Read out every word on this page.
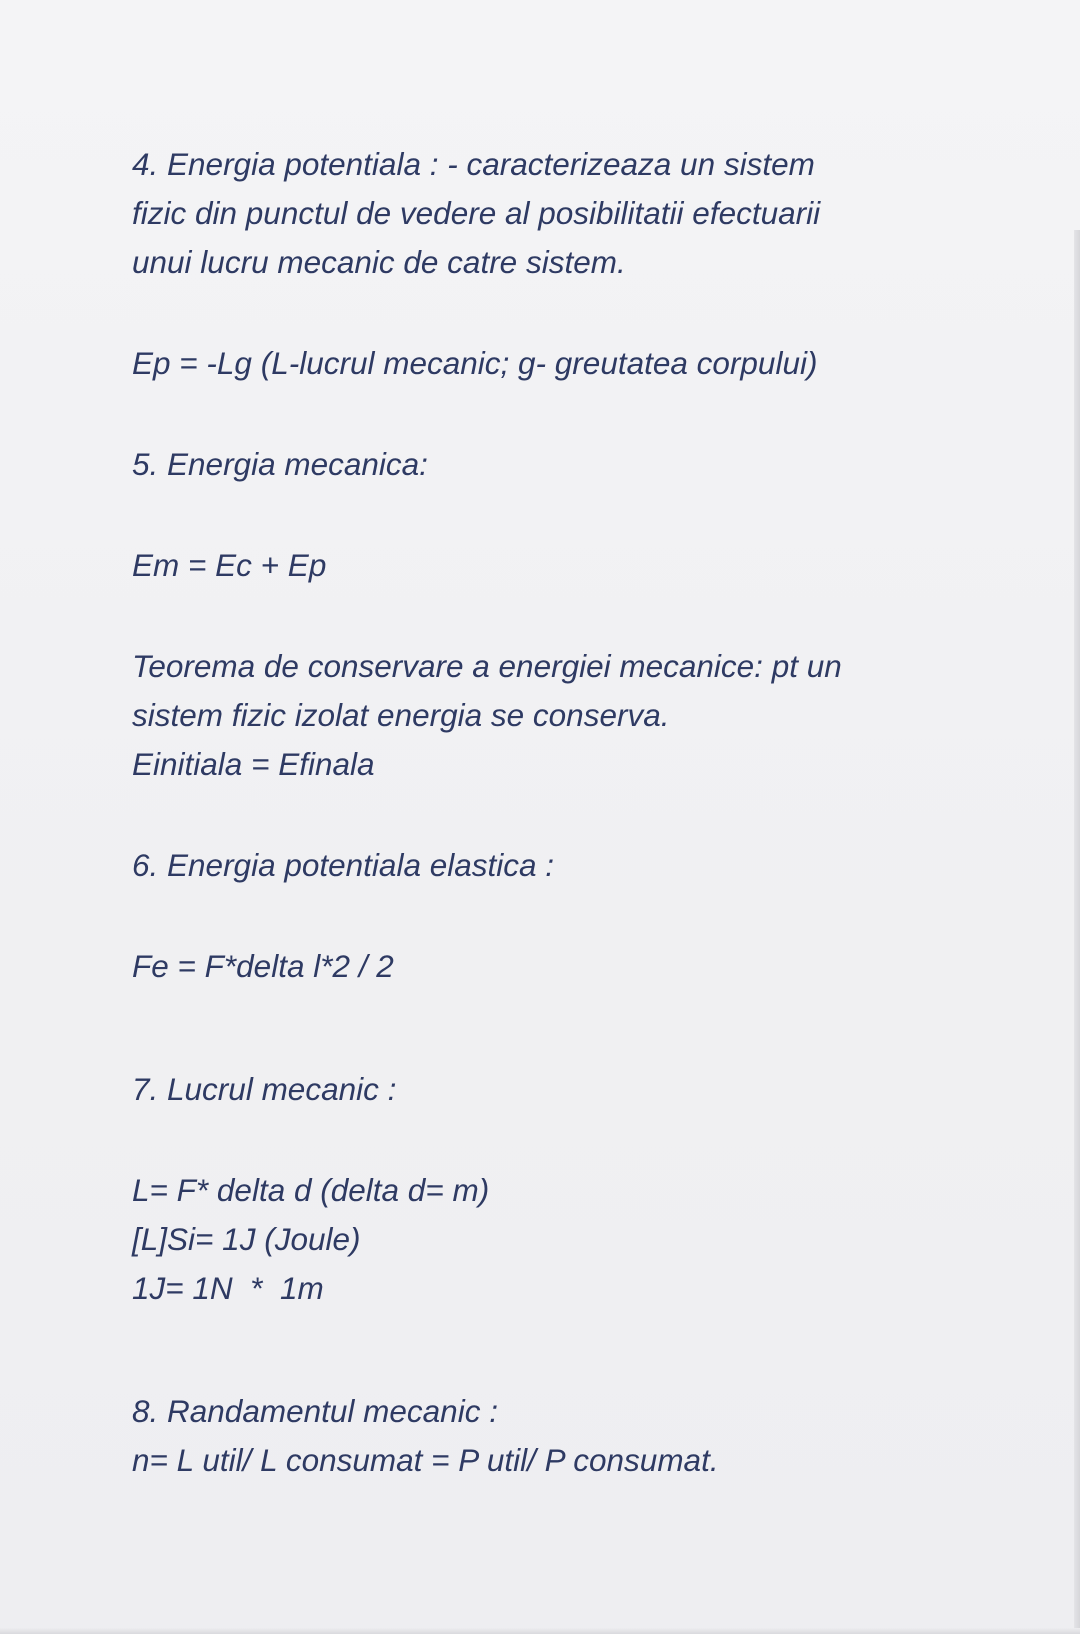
4. Energia potentiala : - caracterizeaza un sistem
fizic din punctul de vedere al posibilitatii efectuarii
unui lucru mecanic de catre sistem.
Ep = -Lg (L-lucrul mecanic; g- greutatea corpului)
5. Energia mecanica:
Em = Ec + Ep
Teorema de conservare a energiei mecanice: pt un
sistem fizic izolat energia se conserva.
Einitiala = Efinala
6. Energia potentiala elastica :
Fe = F*delta l*2 / 2
7. Lucrul mecanic :
L= F* delta d (delta d= m)
[L]Si= 1J (Joule)
1J= 1N  *  1m
8. Randamentul mecanic :
n= L util/ L consumat = P util/ P consumat.
